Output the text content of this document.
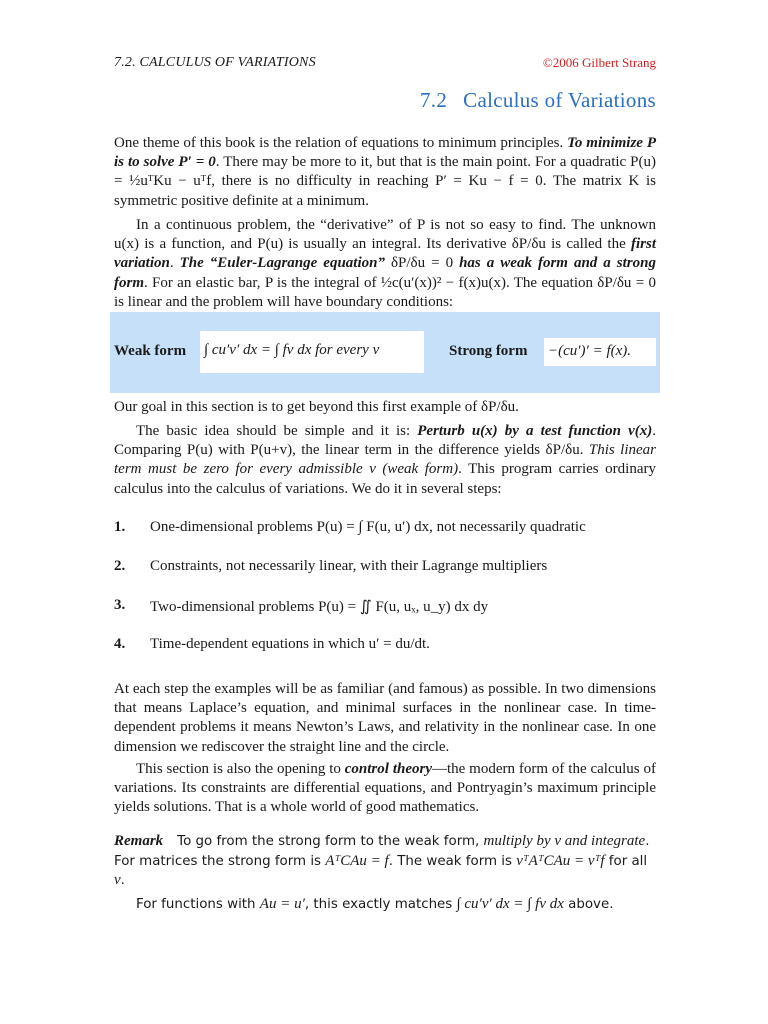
7.2. CALCULUS OF VARIATIONS	©2006 Gilbert Strang
7.2 Calculus of Variations

One theme of this book is the relation of equations to minimum principles. To minimize P is to solve P′ = 0. There may be more to it, but that is the main point. For a quadratic P(u) = ½uᵀKu − uᵀf, there is no difficulty in reaching P′ = Ku − f = 0. The matrix K is symmetric positive definite at a minimum.

In a continuous problem, the “derivative” of P is not so easy to find. The unknown u(x) is a function, and P(u) is usually an integral. Its derivative δP/δu is called the first variation. The “Euler-Lagrange equation” δP/δu = 0 has a weak form and a strong form. For an elastic bar, P is the integral of ½c(u′(x))² − f(x)u(x). The equation δP/δu = 0 is linear and the problem will have boundary conditions:

Weak form ∫ cu′v′ dx = ∫ fv dx for every v	Strong form −(cu′)′ = f(x).

Our goal in this section is to get beyond this first example of δP/δu.

The basic idea should be simple and it is: Perturb u(x) by a test function v(x). Comparing P(u) with P(u+v), the linear term in the difference yields δP/δu. This linear term must be zero for every admissible v (weak form). This program carries ordinary calculus into the calculus of variations. We do it in several steps:

1. One-dimensional problems P(u) = ∫ F(u, u′) dx, not necessarily quadratic
2. Constraints, not necessarily linear, with their Lagrange multipliers
3. Two-dimensional problems P(u) = ∬ F(u, uₓ, u_y) dx dy
4. Time-dependent equations in which u′ = du/dt.

At each step the examples will be as familiar (and famous) as possible. In two dimensions that means Laplace’s equation, and minimal surfaces in the nonlinear case. In time-dependent problems it means Newton’s Laws, and relativity in the nonlinear case. In one dimension we rediscover the straight line and the circle.

This section is also the opening to control theory—the modern form of the calculus of variations. Its constraints are differential equations, and Pontryagin’s maximum principle yields solutions. That is a whole world of good mathematics.

Remark To go from the strong form to the weak form, multiply by v and integrate. For matrices the strong form is AᵀCAu = f. The weak form is vᵀAᵀCAu = vᵀf for all v.

For functions with Au = u′, this exactly matches ∫ cu′v′ dx = ∫ fv dx above.
